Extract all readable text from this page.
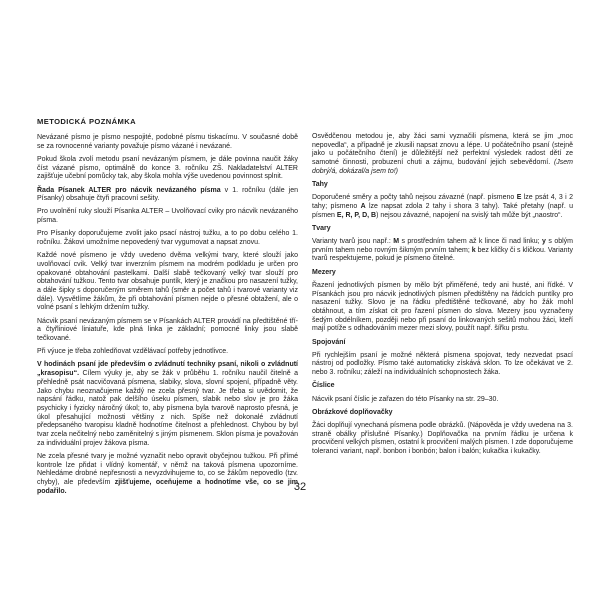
METODICKÁ POZNÁMKA

Nevázané písmo je písmo nespojité, podobné písmu tiskacímu. V současné době se za rovnocenné varianty považuje písmo vázané i nevázané.

Pokud škola zvolí metodu psaní nevázaným písmem, je dále povinna naučit žáky číst vázané písmo, optimálně do konce 3. ročníku ZŠ. Nakladatelství ALTER zajišťuje učební pomůcky tak, aby škola mohla výše uvedenou povinnost splnit.

Řada Písanek ALTER pro nácvik nevázaného písma v 1. ročníku (dále jen Písanky) obsahuje čtyři pracovní sešity.

Pro uvolnění ruky slouží Písanka ALTER – Uvolňovací cviky pro nácvik nevázaného písma.

Pro Písanky doporučujeme zvolit jako psací nástroj tužku, a to po dobu celého 1. ročníku. Žákovi umožníme nepovedený tvar vygumovat a napsat znovu.

Každé nové písmeno je vždy uvedeno dvěma velkými tvary, které slouží jako uvolňovací cvik. Velký tvar inverzním písmem na modrém podkladu je určen pro opakované obtahování pastelkami. Další slabě tečkovaný velký tvar slouží pro obtahování tužkou. Tento tvar obsahuje puntík, který je značkou pro nasazení tužky, a dále šipky s doporučeným směrem tahů (směr a počet tahů i tvarové varianty viz dále). Vysvětlíme žákům, že při obtahování písmen nejde o přesné obtažení, ale o volné psaní s lehkým držením tužky.

Nácvik psaní nevázaným písmem se v Písankách ALTER provádí na předtištěné tří- a čtyřliniové liniatuře, kde plná linka je základní; pomocné linky jsou slabě tečkované.

Při výuce je třeba zohledňovat vzdělávací potřeby jednotlivce.

V hodinách psaní jde především o zvládnutí techniky psaní, nikoli o zvládnutí „krasopisu“. Cílem výuky je, aby se žák v průběhu 1. ročníku naučil čitelně a přehledně psát nacvičovaná písmena, slabiky, slova, slovní spojení, případně věty. Jako chybu neoznačujeme každý ne zcela přesný tvar. Je třeba si uvědomit, že napsání řádku, natož pak delšího úseku písmen, slabik nebo slov je pro žáka psychicky i fyzicky náročný úkol; to, aby písmena byla tvarově naprosto přesná, je úkol přesahující možnosti většiny z nich. Spíše než dokonalé zvládnutí předepsaného tvaropisu kladně hodnotíme čitelnost a přehlednost. Chybou by byl tvar zcela nečitelný nebo zaměnitelný s jiným písmenem. Sklon písma je považován za individuální projev žákova písma.

Ne zcela přesné tvary je možné vyznačit nebo opravit obyčejnou tužkou. Při přímé kontrole lze přidat i vlídný komentář, v němž na taková písmena upozorníme. Nehledáme drobné nepřesnosti a nevyzdvihujeme to, co se žákům nepovedlo (tzv. chyby), ale především zjišťujeme, oceňujeme a hodnotíme vše, co se jim podařilo.

Osvědčenou metodou je, aby žáci sami vyznačili písmena, která se jim „moc nepovedla“, a případně je zkusili napsat znovu a lépe. U počátečního psaní (stejně jako u počátečního čtení) je důležitější než perfektní výsledek radost dětí ze samotné činnosti, probuzení chuti a zájmu, budování jejich sebevědomí. (Jsem dobrý/á, dokázal/a jsem to!)

Tahy

Doporučené směry a počty tahů nejsou závazné (např. písmeno E lze psát 4, 3 i 2 tahy; písmeno A lze napsat zdola 2 tahy i shora 3 tahy). Také přetahy (např. u písmen E, R, P, D, B) nejsou závazné, napojení na svislý tah může být „naostro“.

Tvary

Varianty tvarů jsou např.: M s prostředním tahem až k lince či nad linku; y s oblým prvním tahem nebo rovným šikmým prvním tahem; k bez kličky či s kličkou. Varianty tvarů respektujeme, pokud je písmeno čitelné.

Mezery

Řazení jednotlivých písmen by mělo být přiměřené, tedy ani husté, ani řídké. V Písankách jsou pro nácvik jednotlivých písmen předtištěny na řádcích puntíky pro nasazení tužky. Slovo je na řádku předtištěné tečkované, aby ho žák mohl obtáhnout, a tím získat cit pro řazení písmen do slova. Mezery jsou vyznačeny šedým obdélníkem, později nebo při psaní do linkovaných sešitů mohou žáci, kteří mají potíže s odhadováním mezer mezi slovy, použít např. šířku prstu.

Spojování

Při rychlejším psaní je možné některá písmena spojovat, tedy nezvedat psací nástroj od podložky. Písmo také automaticky získává sklon. To lze očekávat ve 2. nebo 3. ročníku; záleží na individuálních schopnostech žáka.

Číslice

Nácvik psaní číslic je zařazen do této Písanky na str. 29–30.

Obrázkové doplňovačky

Žáci doplňují vynechaná písmena podle obrázků. (Nápověda je vždy uvedena na 3. straně obálky příslušné Písanky.) Doplňovačka na prvním řádku je určena k procvičení velkých písmen, ostatní k procvičení malých písmen. I zde doporučujeme toleranci variant, např. bonbon i bonbón; balon i balón; kukačka i kukačky.

32
